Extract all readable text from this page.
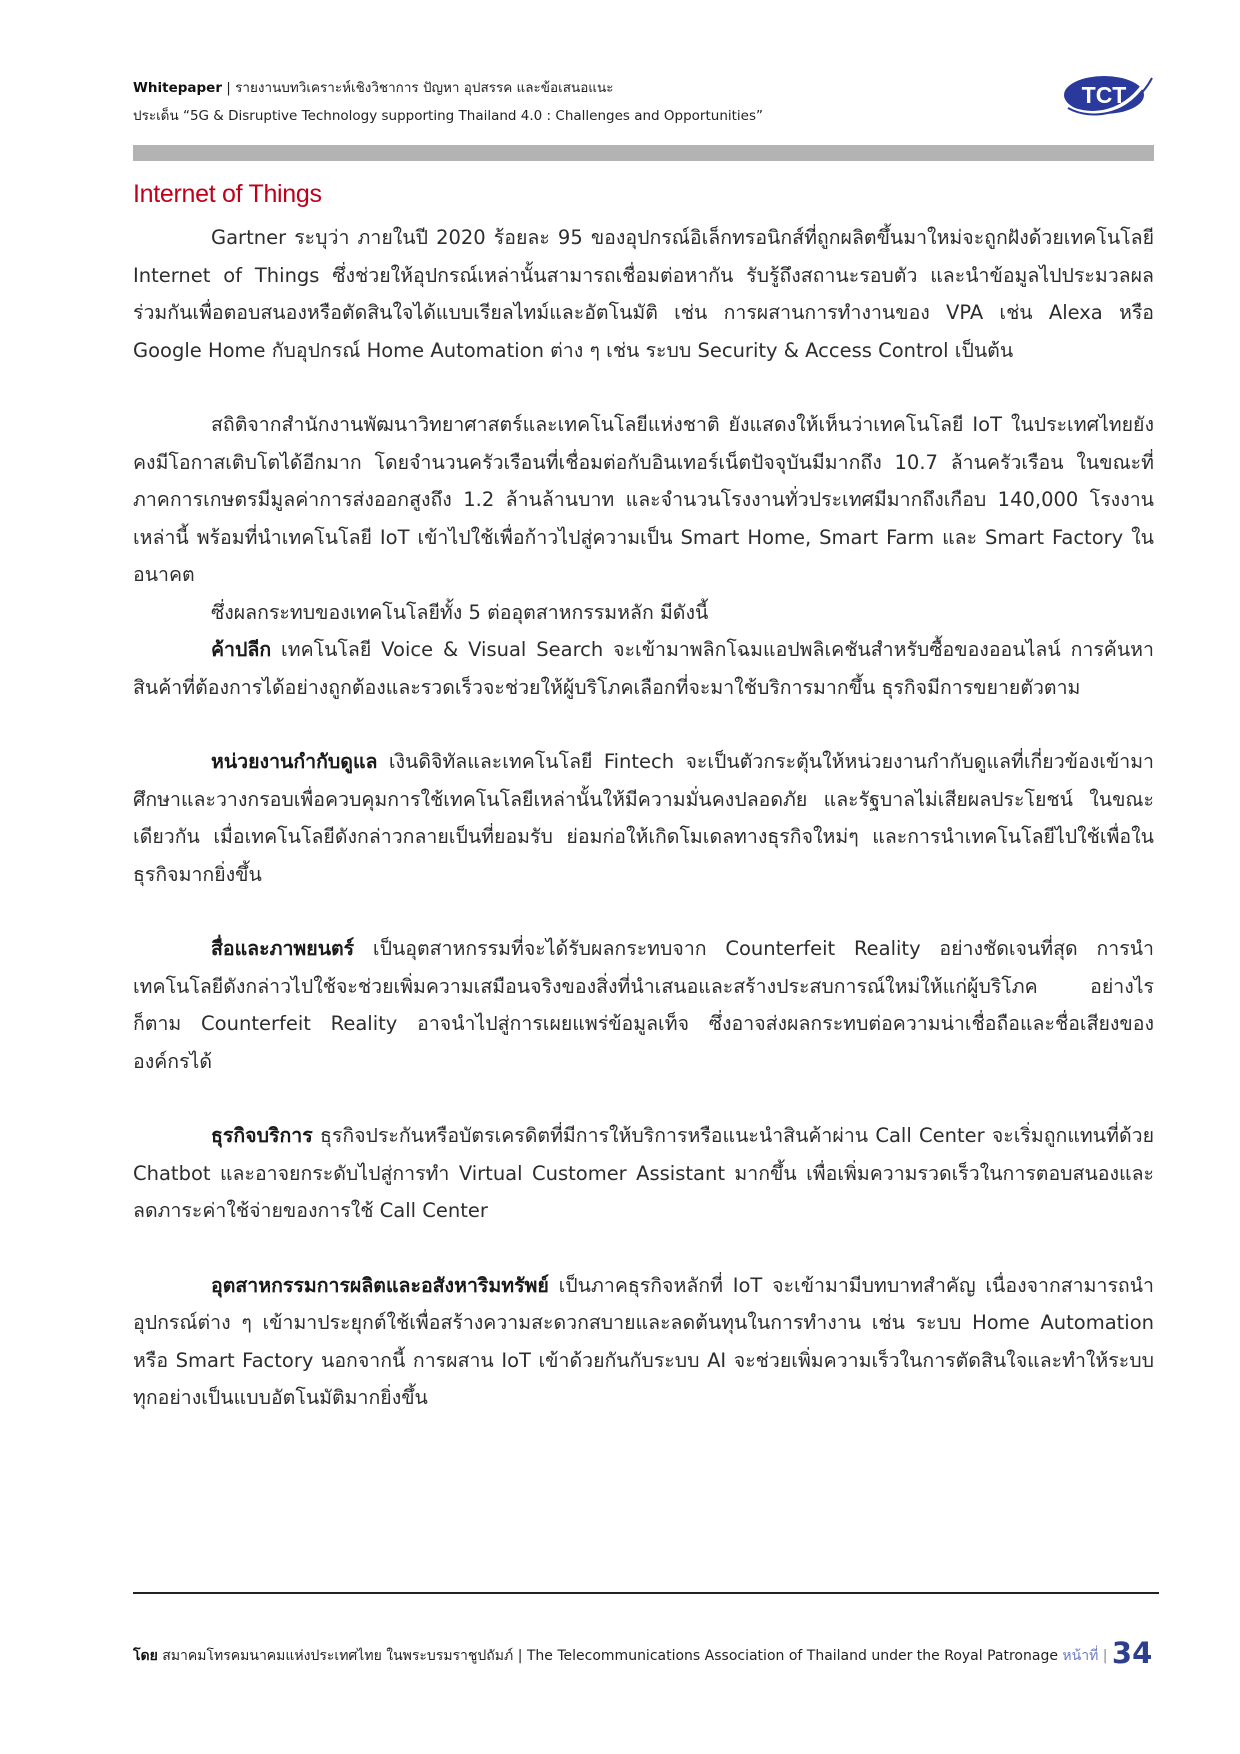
Whitepaper | รายงานบทวิเคราะห์เชิงวิชาการ ปัญหา อุปสรรค และข้อเสนอแนะ
ประเด็น “5G & Disruptive Technology supporting Thailand 4.0 : Challenges and Opportunities”
TCT
Internet of Things

Gartner ระบุว่า ภายในปี 2020 ร้อยละ 95 ของอุปกรณ์อิเล็กทรอนิกส์ที่ถูกผลิตขึ้นมาใหม่จะถูกฝังด้วยเทคโนโลยี Internet of Things ซึ่งช่วยให้อุปกรณ์เหล่านั้นสามารถเชื่อมต่อหากัน รับรู้ถึงสถานะรอบตัว และนำข้อมูลไปประมวลผลร่วมกันเพื่อตอบสนองหรือตัดสินใจได้แบบเรียลไทม์และอัตโนมัติ เช่น การผสานการทำงานของ VPA เช่น Alexa หรือ Google Home กับอุปกรณ์ Home Automation ต่าง ๆ เช่น ระบบ Security & Access Control เป็นต้น

สถิติจากสำนักงานพัฒนาวิทยาศาสตร์และเทคโนโลยีแห่งชาติ ยังแสดงให้เห็นว่าเทคโนโลยี IoT ในประเทศไทยยังคงมีโอกาสเติบโตได้อีกมาก โดยจำนวนครัวเรือนที่เชื่อมต่อกับอินเทอร์เน็ตปัจจุบันมีมากถึง 10.7 ล้านครัวเรือน ในขณะที่ภาคการเกษตรมีมูลค่าการส่งออกสูงถึง 1.2 ล้านล้านบาท และจำนวนโรงงานทั่วประเทศมีมากถึงเกือบ 140,000 โรงงาน เหล่านี้ พร้อมที่นำเทคโนโลยี IoT เข้าไปใช้เพื่อก้าวไปสู่ความเป็น Smart Home, Smart Farm และ Smart Factory ในอนาคต

ซึ่งผลกระทบของเทคโนโลยีทั้ง 5 ต่ออุตสาหกรรมหลัก มีดังนี้

ค้าปลีก เทคโนโลยี Voice & Visual Search จะเข้ามาพลิกโฉมแอปพลิเคชันสำหรับซื้อของออนไลน์ การค้นหาสินค้าที่ต้องการได้อย่างถูกต้องและรวดเร็วจะช่วยให้ผู้บริโภคเลือกที่จะมาใช้บริการมากขึ้น ธุรกิจมีการขยายตัวตาม

หน่วยงานกำกับดูแล เงินดิจิทัลและเทคโนโลยี Fintech จะเป็นตัวกระตุ้นให้หน่วยงานกำกับดูแลที่เกี่ยวข้องเข้ามาศึกษาและวางกรอบเพื่อควบคุมการใช้เทคโนโลยีเหล่านั้นให้มีความมั่นคงปลอดภัย และรัฐบาลไม่เสียผลประโยชน์ ในขณะเดียวกัน เมื่อเทคโนโลยีดังกล่าวกลายเป็นที่ยอมรับ ย่อมก่อให้เกิดโมเดลทางธุรกิจใหม่ๆ และการนำเทคโนโลยีไปใช้เพื่อในธุรกิจมากยิ่งขึ้น

สื่อและภาพยนตร์ เป็นอุตสาหกรรมที่จะได้รับผลกระทบจาก Counterfeit Reality อย่างชัดเจนที่สุด การนำเทคโนโลยีดังกล่าวไปใช้จะช่วยเพิ่มความเสมือนจริงของสิ่งที่นำเสนอและสร้างประสบการณ์ใหม่ให้แก่ผู้บริโภค อย่างไรก็ตาม Counterfeit Reality อาจนำไปสู่การเผยแพร่ข้อมูลเท็จ ซึ่งอาจส่งผลกระทบต่อความน่าเชื่อถือและชื่อเสียงขององค์กรได้

ธุรกิจบริการ ธุรกิจประกันหรือบัตรเครดิตที่มีการให้บริการหรือแนะนำสินค้าผ่าน Call Center จะเริ่มถูกแทนที่ด้วย Chatbot และอาจยกระดับไปสู่การทำ Virtual Customer Assistant มากขึ้น เพื่อเพิ่มความรวดเร็วในการตอบสนองและลดภาระค่าใช้จ่ายของการใช้ Call Center

อุตสาหกรรมการผลิตและอสังหาริมทรัพย์ เป็นภาคธุรกิจหลักที่ IoT จะเข้ามามีบทบาทสำคัญ เนื่องจากสามารถนำอุปกรณ์ต่าง ๆ เข้ามาประยุกต์ใช้เพื่อสร้างความสะดวกสบายและลดต้นทุนในการทำงาน เช่น ระบบ Home Automation หรือ Smart Factory นอกจากนี้ การผสาน IoT เข้าด้วยกันกับระบบ AI จะช่วยเพิ่มความเร็วในการตัดสินใจและทำให้ระบบทุกอย่างเป็นแบบอัตโนมัติมากยิ่งขึ้น

โดย สมาคมโทรคมนาคมแห่งประเทศไทย ในพระบรมราชูปถัมภ์ | The Telecommunications Association of Thailand under the Royal Patronage หน้าที่ | 34
